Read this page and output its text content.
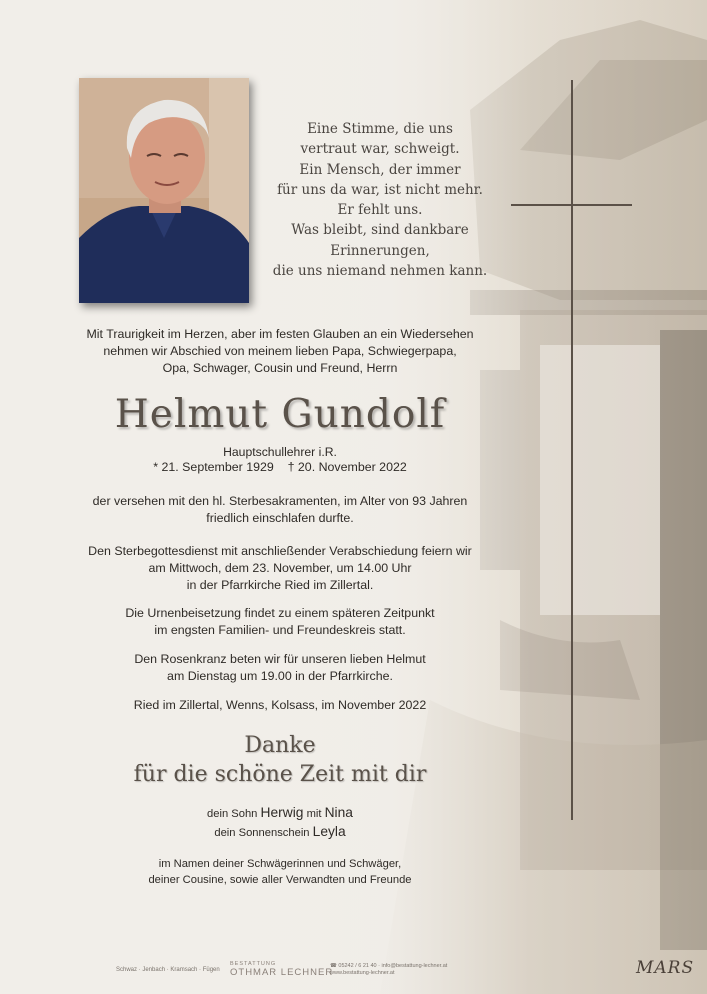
Eine Stimme, die uns
vertraut war, schweigt.
Ein Mensch, der immer
für uns da war, ist nicht mehr.
Er fehlt uns.
Was bleibt, sind dankbare
Erinnerungen,
die uns niemand nehmen kann.
Mit Traurigkeit im Herzen, aber im festen Glauben an ein Wiedersehen
nehmen wir Abschied von meinem lieben Papa, Schwiegerpapa,
Opa, Schwager, Cousin und Freund, Herrn
Helmut Gundolf
Hauptschullehrer i.R.
* 21. September 1929 † 20. November 2022
der versehen mit den hl. Sterbesakramenten, im Alter von 93 Jahren
friedlich einschlafen durfte.
Den Sterbegottesdienst mit anschließender Verabschiedung feiern wir
am Mittwoch, dem 23. November, um 14.00 Uhr
in der Pfarrkirche Ried im Zillertal.
Die Urnenbeisetzung findet zu einem späteren Zeitpunkt
im engsten Familien- und Freundeskreis statt.
Den Rosenkranz beten wir für unseren lieben Helmut
am Dienstag um 19.00 in der Pfarrkirche.
Ried im Zillertal, Wenns, Kolsass, im November 2022
Danke
für die schöne Zeit mit dir
dein Sohn Herwig mit Nina
dein Sonnenschein Leyla
im Namen deiner Schwägerinnen und Schwäger,
deiner Cousine, sowie aller Verwandten und Freunde
Schwaz · Jenbach · Kramsach · Fügen
BESTATTUNG
OTHMAR LECHNER
☎ 05242 / 6 21 40 · info@bestattung-lechner.at
www.bestattung-lechner.at	MARS
